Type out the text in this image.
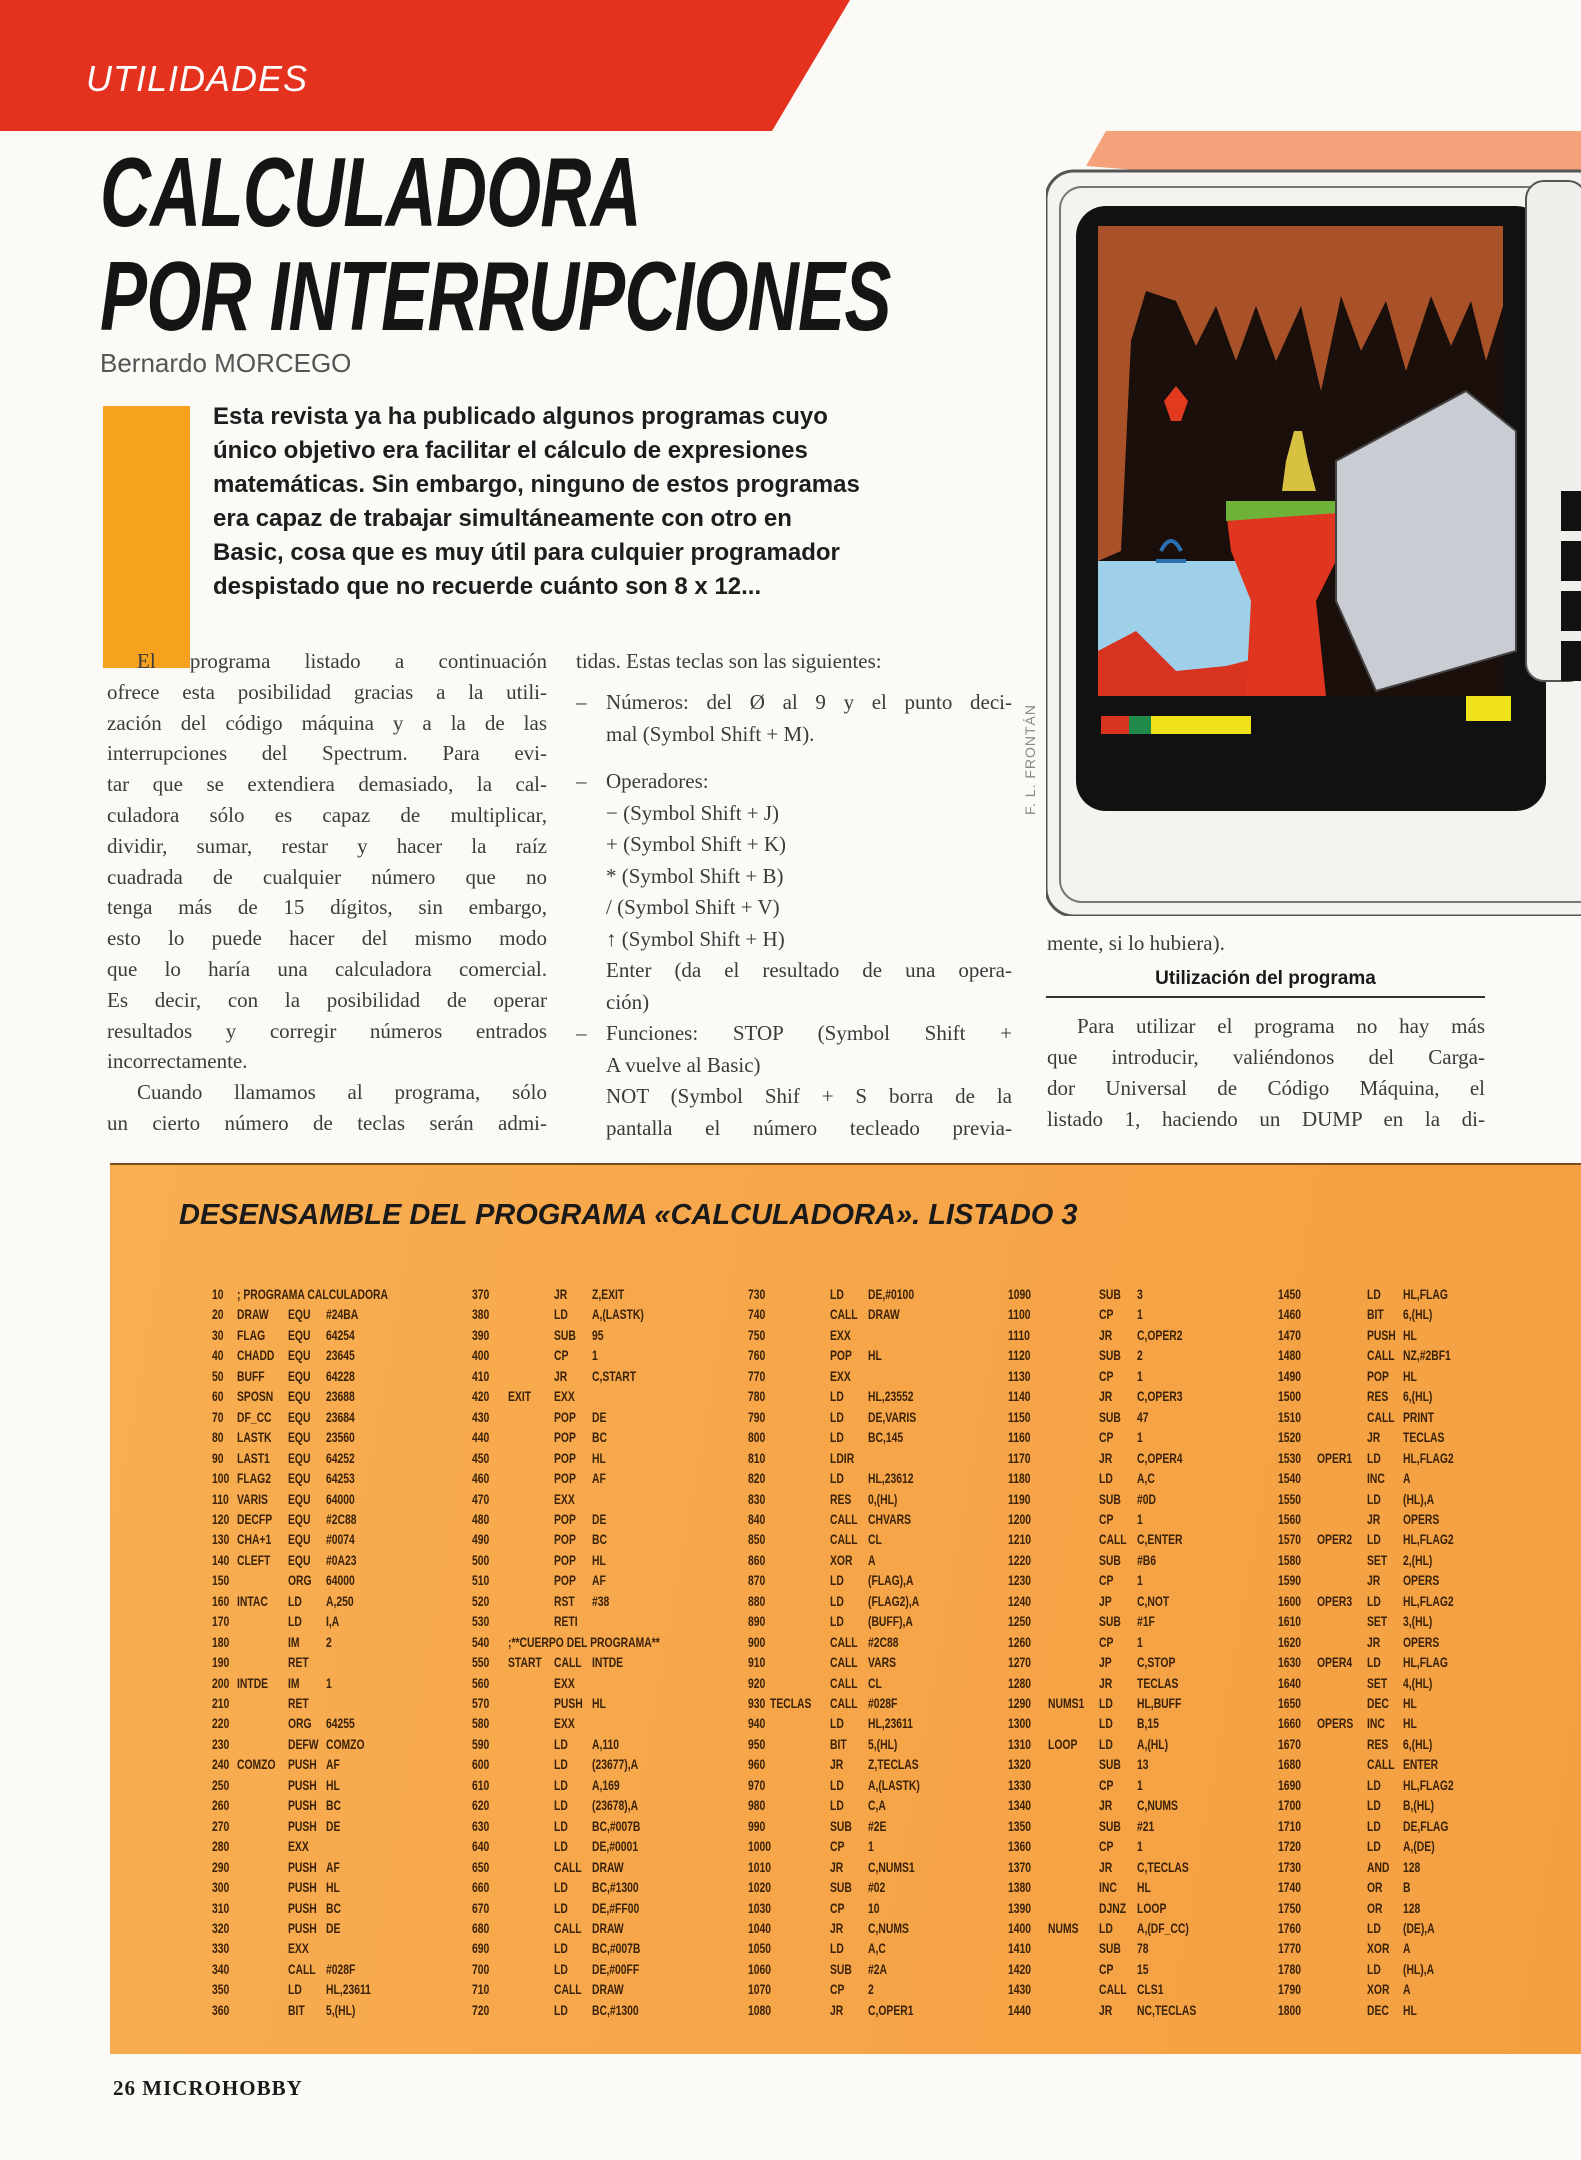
UTILIDADES
CALCULADORA
POR INTERRUPCIONES
Bernardo MORCEGO
Esta revista ya ha publicado algunos programas cuyo
único objetivo era facilitar el cálculo de expresiones
matemáticas. Sin embargo, ninguno de estos programas
era capaz de trabajar simultáneamente con otro en
Basic, cosa que es muy útil para culquier programador
despistado que no recuerde cuánto son 8 x 12...
El programa listado a continuación
ofrece esta posibilidad gracias a la utili-
zación del código máquina y a la de las
interrupciones del Spectrum. Para evi-
tar que se extendiera demasiado, la cal-
culadora sólo es capaz de multiplicar,
dividir, sumar, restar y hacer la raíz
cuadrada de cualquier número que no
tenga más de 15 dígitos, sin embargo,
esto lo puede hacer del mismo modo
que lo haría una calculadora comercial.
Es decir, con la posibilidad de operar
resultados y corregir números entrados
incorrectamente.
Cuando llamamos al programa, sólo
un cierto número de teclas serán admi-
tidas. Estas teclas son las siguientes:
– Números: del Ø al 9 y el punto deci-
mal (Symbol Shift + M).
– Operadores:
− (Symbol Shift + J)
+ (Symbol Shift + K)
* (Symbol Shift + B)
/ (Symbol Shift + V)
↑ (Symbol Shift + H)
Enter (da el resultado de una opera-
ción)
– Funciones: STOP (Symbol Shift +
A vuelve al Basic)
NOT (Symbol Shif + S borra de la
pantalla el número tecleado previa-
F. L. FRONTÁN
mente, si lo hubiera).
Utilización del programa
Para utilizar el programa no hay más
que introducir, valiéndonos del Carga-
dor Universal de Código Máquina, el
listado 1, haciendo un DUMP en la di-
DESENSAMBLE DEL PROGRAMA «CALCULADORA». LISTADO 3
10 ; PROGRAMA CALCULADORA
20 DRAW EQU #24BA
30 FLAG EQU 64254
40 CHADD EQU 23645
50 BUFF EQU 64228
60 SPOSN EQU 23688
70 DF_CC EQU 23684
80 LASTK EQU 23560
90 LAST1 EQU 64252
100 FLAG2 EQU 64253
110 VARIS EQU 64000
120 DECFP EQU #2C88
130 CHA+1 EQU #0074
140 CLEFT EQU #0A23
150	ORG 64000
160 INTAC LD A,250
170	LD I,A
180	IM 2
190	RET
200 INTDE IM 1
210	RET
220	ORG 64255
230	DEFW COMZO
240 COMZO PUSH AF
250	PUSH HL
260	PUSH BC
270	PUSH DE
280	EXX
290	PUSH AF
300	PUSH HL
310	PUSH BC
320	PUSH DE
330	EXX
340	CALL #028F
350	LD HL,23611
360	BIT 5,(HL)
370	JR Z,EXIT
380	LD A,(LASTK)
390	SUB 95
400	CP 1
410	JR C,START
420 EXIT EXX
430	POP DE
440	POP BC
450	POP HL
460	POP AF
470	EXX
480	POP DE
490	POP BC
500	POP HL
510	POP AF
520	RST #38
530	RETI
540 ;**CUERPO DEL PROGRAMA**
550 START CALL INTDE
560	EXX
570	PUSH HL
580	EXX
590	LD A,110
600	LD (23677),A
610	LD A,169
620	LD (23678),A
630	LD BC,#007B
640	LD DE,#0001
650	CALL DRAW
660	LD BC,#1300
670	LD DE,#FF00
680	CALL DRAW
690	LD BC,#007B
700	LD DE,#00FF
710	CALL DRAW
720	LD BC,#1300
730	LD DE,#0100
740	CALL DRAW
750	EXX
760	POP HL
770	EXX
780	LD HL,23552
790	LD DE,VARIS
800	LD BC,145
810	LDIR
820	LD HL,23612
830	RES 0,(HL)
840	CALL CHVARS
850	CALL CL
860	XOR A
870	LD (FLAG),A
880	LD (FLAG2),A
890	LD (BUFF),A
900	CALL #2C88
910	CALL VARS
920	CALL CL
930 TECLAS CALL #028F
940	LD HL,23611
950	BIT 5,(HL)
960	JR Z,TECLAS
970	LD A,(LASTK)
980	LD C,A
990	SUB #2E
1000	CP 1
1010	JR C,NUMS1
1020	SUB #02
1030	CP 10
1040	JR C,NUMS
1050	LD A,C
1060	SUB #2A
1070	CP 2
1080	JR C,OPER1
1090	SUB 3
1100	CP 1
1110	JR C,OPER2
1120	SUB 2
1130	CP 1
1140	JR C,OPER3
1150	SUB 47
1160	CP 1
1170	JR C,OPER4
1180	LD A,C
1190	SUB #0D
1200	CP 1
1210	CALL C,ENTER
1220	SUB #B6
1230	CP 1
1240	JP C,NOT
1250	SUB #1F
1260	CP 1
1270	JP C,STOP
1280	JR TECLAS
1290 NUMS1 LD HL,BUFF
1300	LD B,15
1310 LOOP LD A,(HL)
1320	SUB 13
1330	CP 1
1340	JR C,NUMS
1350	SUB #21
1360	CP 1
1370	JR C,TECLAS
1380	INC HL
1390	DJNZ LOOP
1400 NUMS LD A,(DF_CC)
1410	SUB 78
1420	CP 15
1430	CALL CLS1
1440	JR NC,TECLAS
1450	LD HL,FLAG
1460	BIT 6,(HL)
1470	PUSH HL
1480	CALL NZ,#2BF1
1490	POP HL
1500	RES 6,(HL)
1510	CALL PRINT
1520	JR TECLAS
1530 OPER1 LD HL,FLAG2
1540	INC A
1550	LD (HL),A
1560	JR OPERS
1570 OPER2 LD HL,FLAG2
1580	SET 2,(HL)
1590	JR OPERS
1600 OPER3 LD HL,FLAG2
1610	SET 3,(HL)
1620	JR OPERS
1630 OPER4 LD HL,FLAG
1640	SET 4,(HL)
1650	DEC HL
1660 OPERS INC HL
1670	RES 6,(HL)
1680	CALL ENTER
1690	LD HL,FLAG2
1700	LD B,(HL)
1710	LD DE,FLAG
1720	LD A,(DE)
1730	AND 128
1740	OR B
1750	OR 128
1760	LD (DE),A
1770	XOR A
1780	LD (HL),A
1790	XOR A
1800	DEC HL
26 MICROHOBBY
